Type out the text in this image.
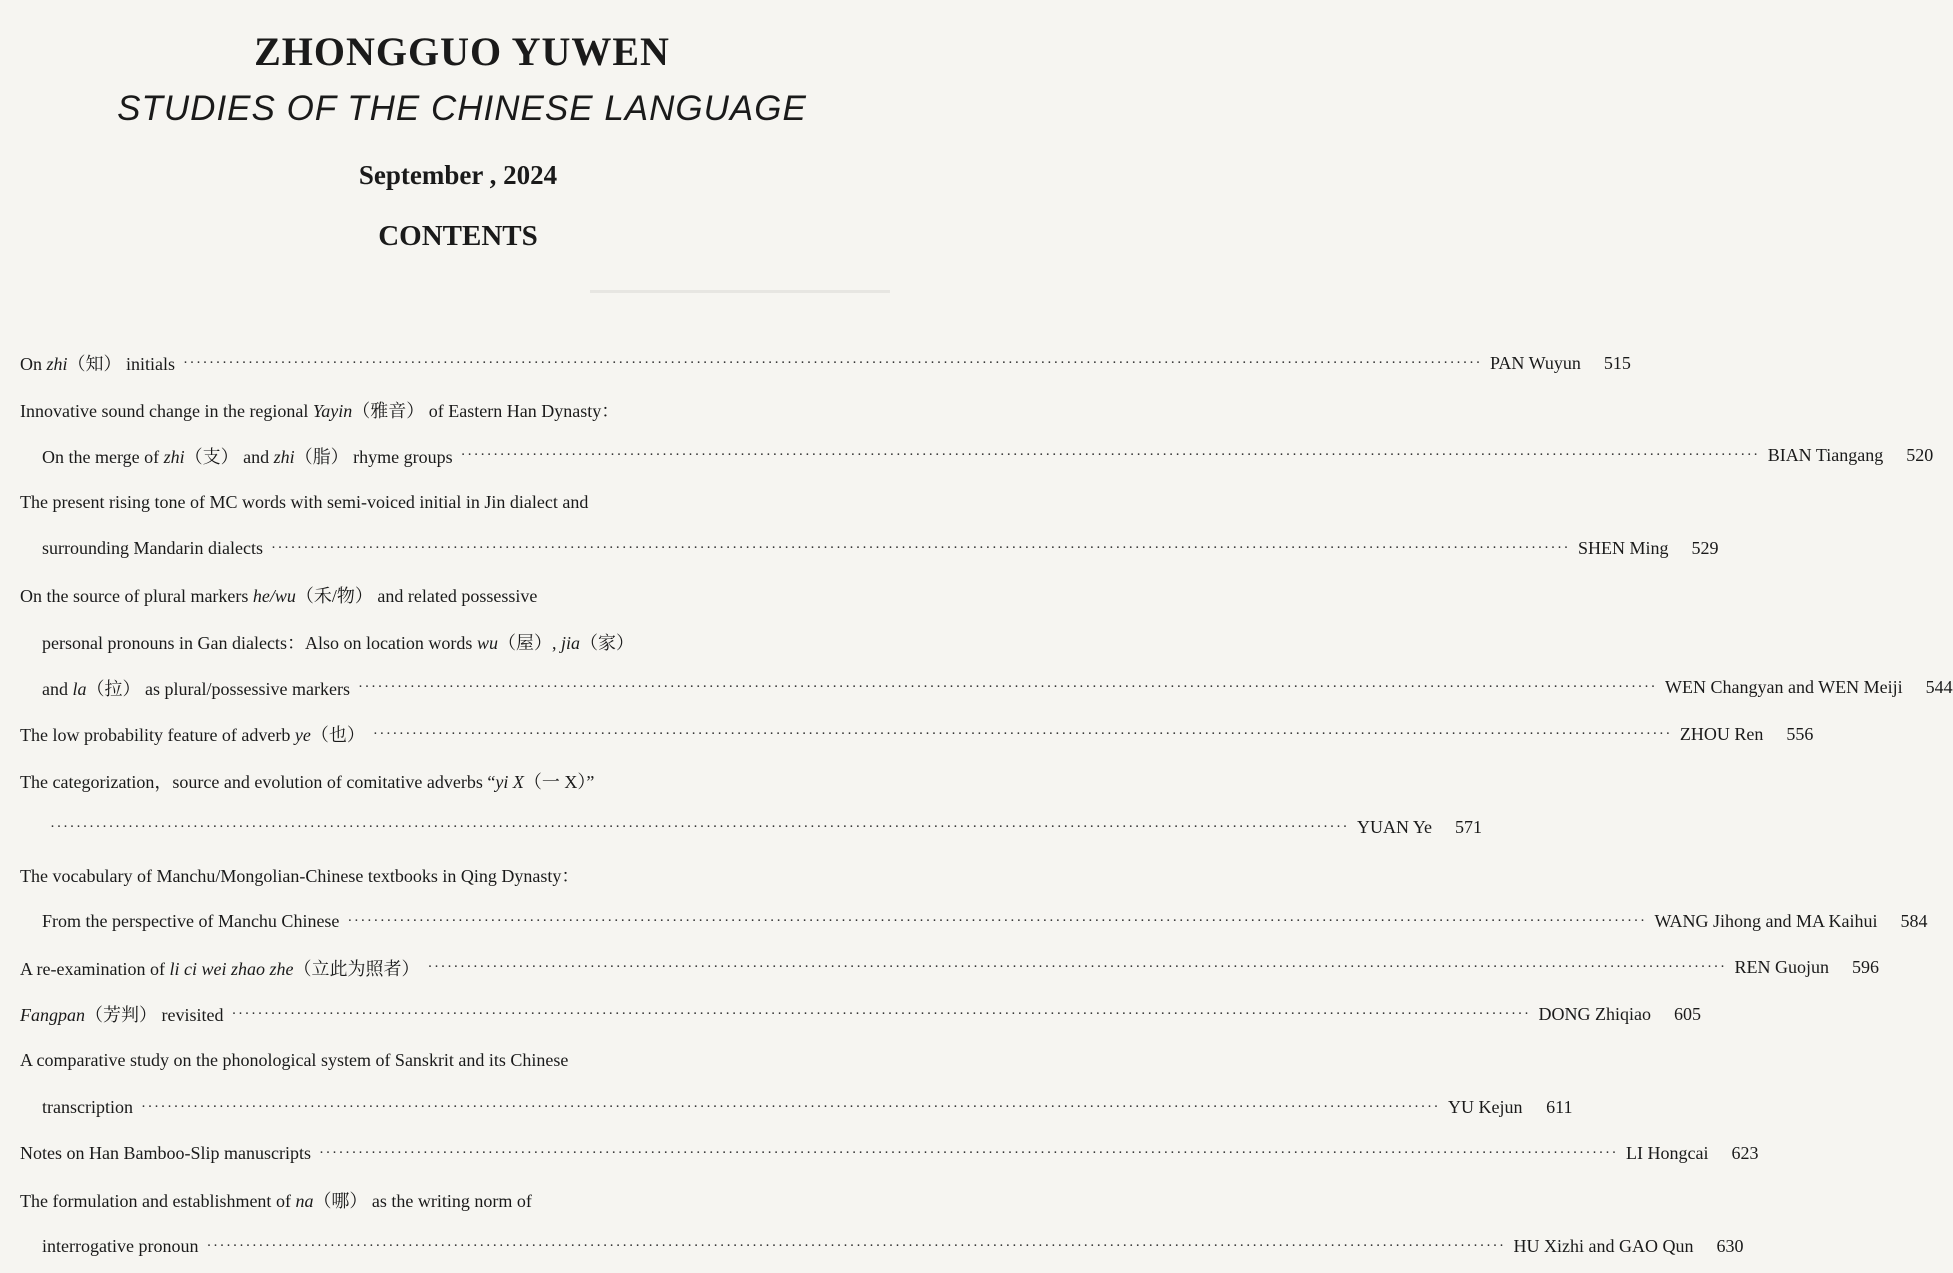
ZHONGGUO YUWEN
STUDIES OF THE CHINESE LANGUAGE
September , 2024
CONTENTS
On zhi（知） initials ········································································································································································································ PAN Wuyun	515
Innovative sound change in the regional Yayin（雅音） of Eastern Han Dynasty：
On the merge of zhi（支） and zhi（脂） rhyme groups ········································································································································································································ BIAN Tiangang	520
The present rising tone of MC words with semi-voiced initial in Jin dialect and
surrounding Mandarin dialects ········································································································································································································ SHEN Ming	529
On the source of plural markers he/wu（禾/物） and related possessive
personal pronouns in Gan dialects：Also on location words wu（屋）, jia（家）
and la（拉） as plural/possessive markers ········································································································································································································ WEN Changyan and WEN Meiji	544
The low probability feature of adverb ye（也） ········································································································································································································ ZHOU Ren	556
The categorization，source and evolution of comitative adverbs “yi X（一 X）”
········································································································································································································ YUAN Ye	571
The vocabulary of Manchu/Mongolian-Chinese textbooks in Qing Dynasty：
From the perspective of Manchu Chinese ········································································································································································································ WANG Jihong and MA Kaihui	584
A re-examination of li ci wei zhao zhe（立此为照者） ········································································································································································································ REN Guojun	596
Fangpan（芳判） revisited ········································································································································································································ DONG Zhiqiao	605
A comparative study on the phonological system of Sanskrit and its Chinese
transcription ········································································································································································································ YU Kejun	611
Notes on Han Bamboo-Slip manuscripts ········································································································································································································ LI Hongcai	623
The formulation and establishment of na（哪） as the writing norm of
interrogative pronoun ········································································································································································································ HU Xizhi and GAO Qun	630
